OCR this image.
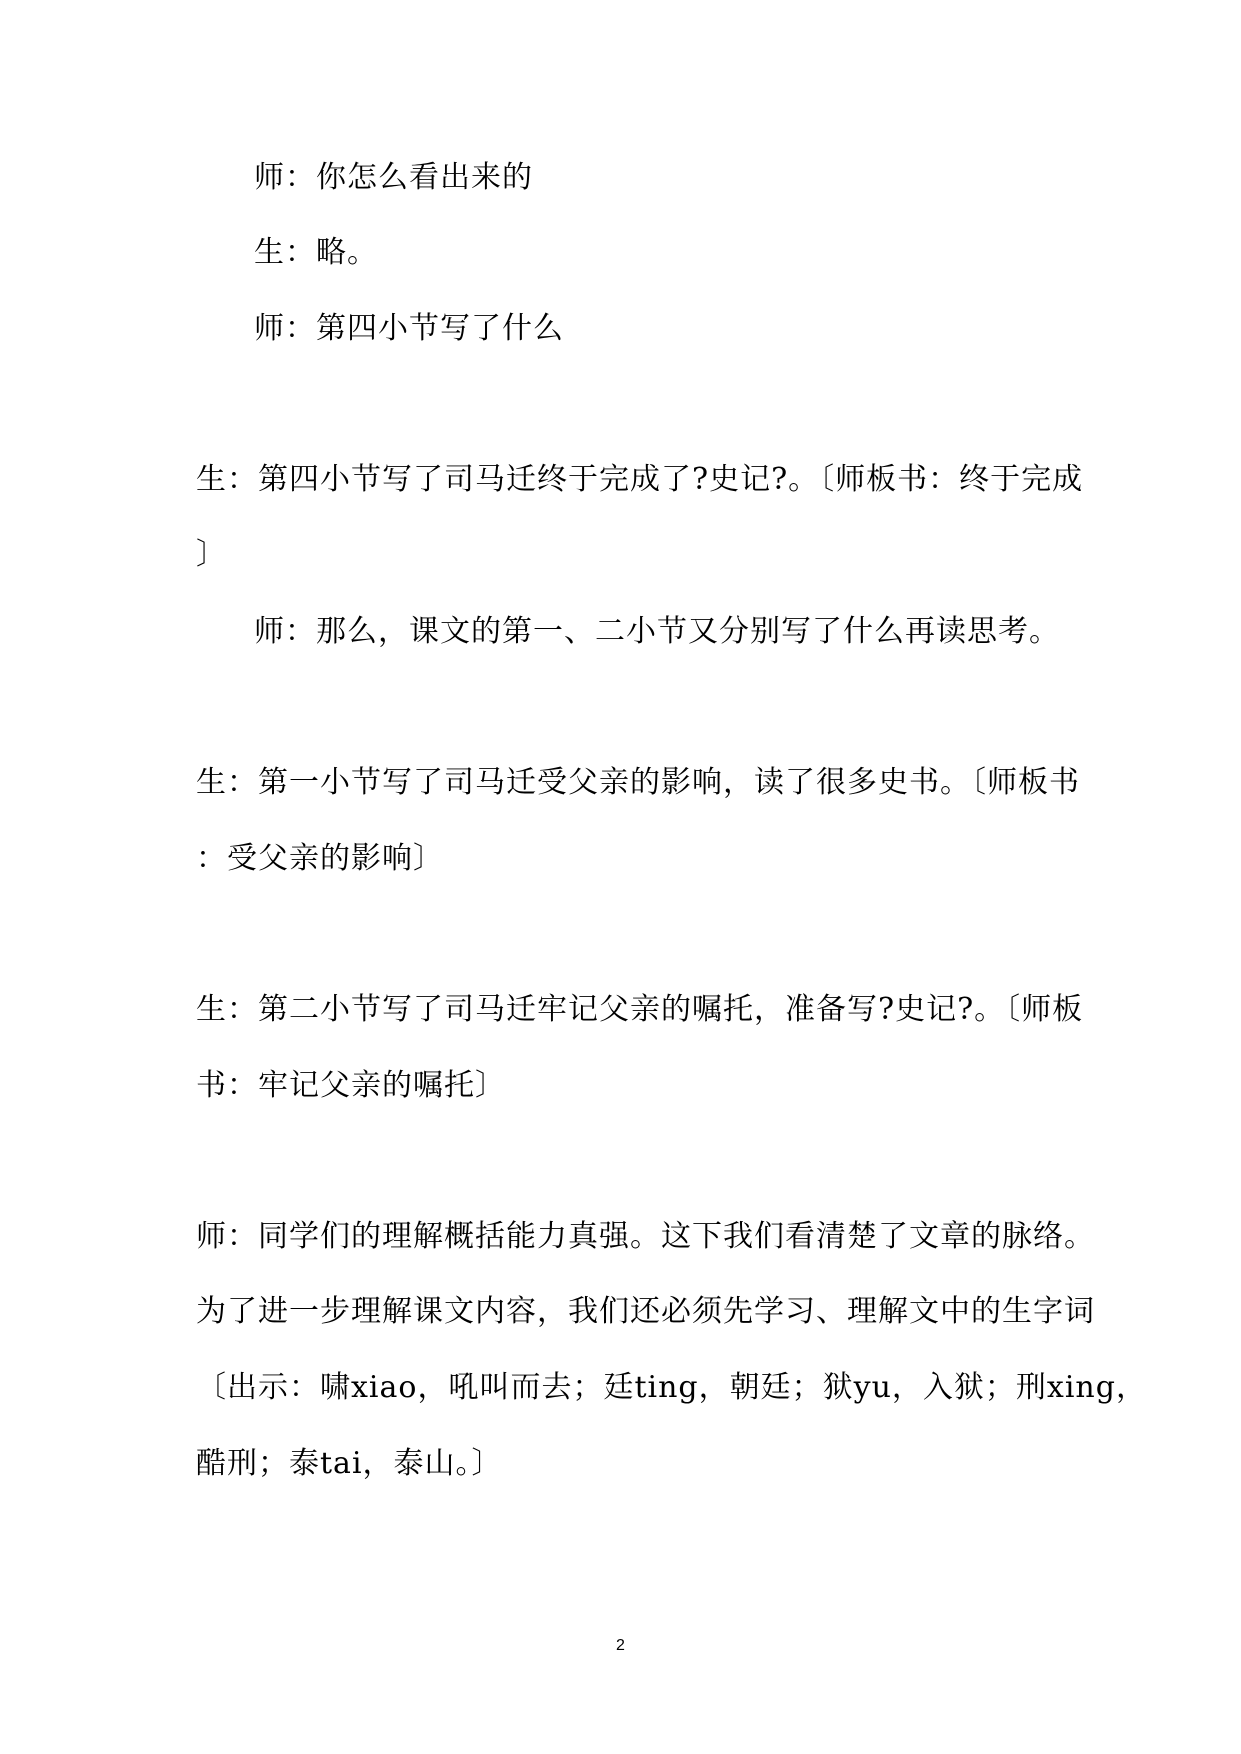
师：你怎么看出来的
生：略。
师：第四小节写了什么
生：第四小节写了司马迁终于完成了?史记?。〔师板书：终于完成
〕
师：那么，课文的第一、二小节又分别写了什么再读思考。
生：第一小节写了司马迁受父亲的影响，读了很多史书。〔师板书
：受父亲的影响〕
生：第二小节写了司马迁牢记父亲的嘱托，准备写?史记?。〔师板
书：牢记父亲的嘱托〕
师：同学们的理解概括能力真强。这下我们看清楚了文章的脉络。
为了进一步理解课文内容，我们还必须先学习、理解文中的生字词
〔出示：啸xiao，吼叫而去；廷ting，朝廷；狱yu，入狱；刑xing，
酷刑；泰tai，泰山。〕
2
